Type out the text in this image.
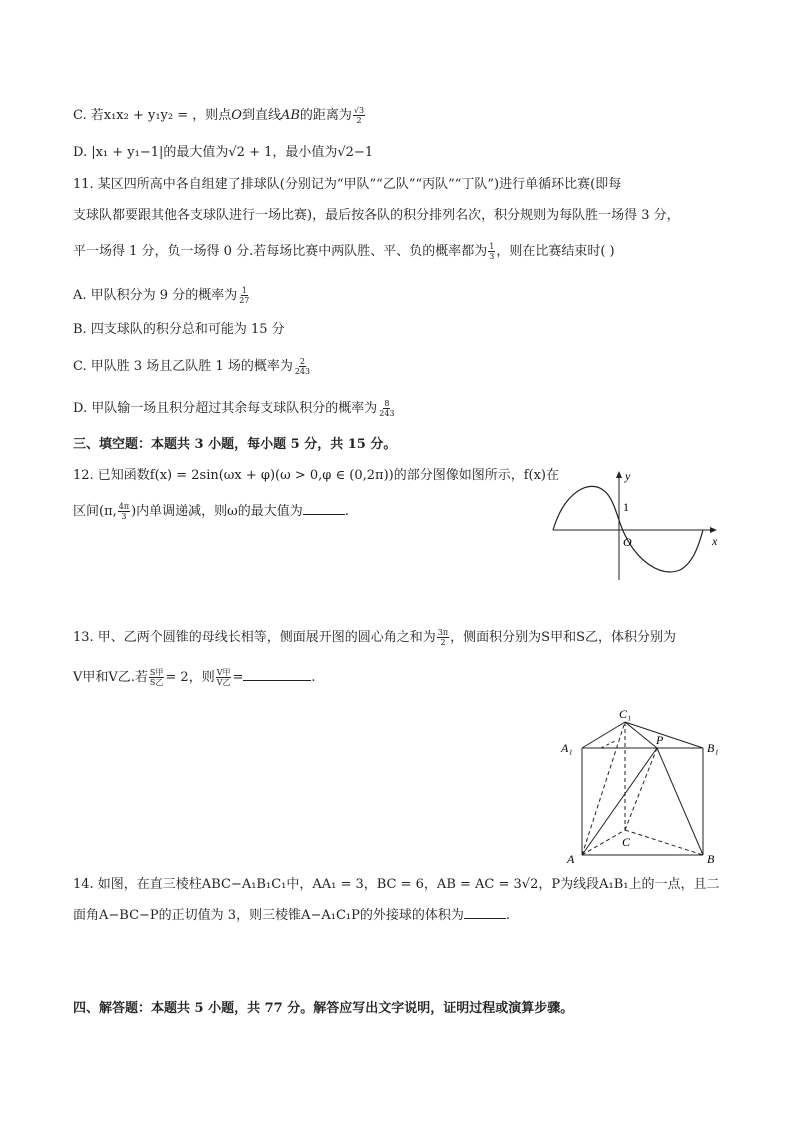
C. 若x₁x₂ + y₁y₂ = ，则点O到直线AB的距离为 $\frac{√3}{2}$
D. |x₁ + y₁−1|的最大值为√2 + 1，最小值为√2−1
11. 某区四所高中各自组建了排球队(分别记为“甲队”“乙队”“丙队”“丁队”)进行单循环比赛(即每
支球队都要跟其他各支球队进行一场比赛)，最后按各队的积分排列名次，积分规则为每队胜一场得 3 分，
平一场得 1 分，负一场得 0 分.若每场比赛中两队胜、平、负的概率都为 $\frac{1}{3}$ ，则在比赛结束时( )
A. 甲队积分为 9 分的概率为 $\frac{1}{27}$
B. 四支球队的积分总和可能为 15 分
C. 甲队胜 3 场且乙队胜 1 场的概率为 $\frac{2}{243}$
D. 甲队输一场且积分超过其余每支球队积分的概率为 $\frac{8}{243}$
三、填空题：本题共 3 小题，每小题 5 分，共 15 分。
12. 已知函数f(x) = 2sin(ωx + φ)(ω > 0,φ ∈ (0,2π))的部分图像如图所示，f(x)在
区间(π, $\frac{4\pi}{3}$ )内单调递减，则ω的最大值为	.
y
x
O
1
13. 甲、乙两个圆锥的母线长相等，侧面展开图的圆心角之和为 $\frac{3\pi}{2}$ ，侧面积分别为S甲和S乙，体积分别为
V甲和V乙.若 $\frac{\text{S甲}}{\text{S乙}} = 2$，则 $\frac{\text{V甲}}{\text{V乙}}$ =	.
C₁
A₁	B₁
P
C
A	B
14. 如图，在直三棱柱ABC−A₁B₁C₁中，AA₁ = 3，BC = 6，AB = AC = 3√2，P为线段A₁B₁上的一点，且二
面角A−BC−P的正切值为 3，则三棱锥A−A₁C₁P的外接球的体积为	.
四、解答题：本题共 5 小题，共 77 分。解答应写出文字说明，证明过程或演算步骤。
